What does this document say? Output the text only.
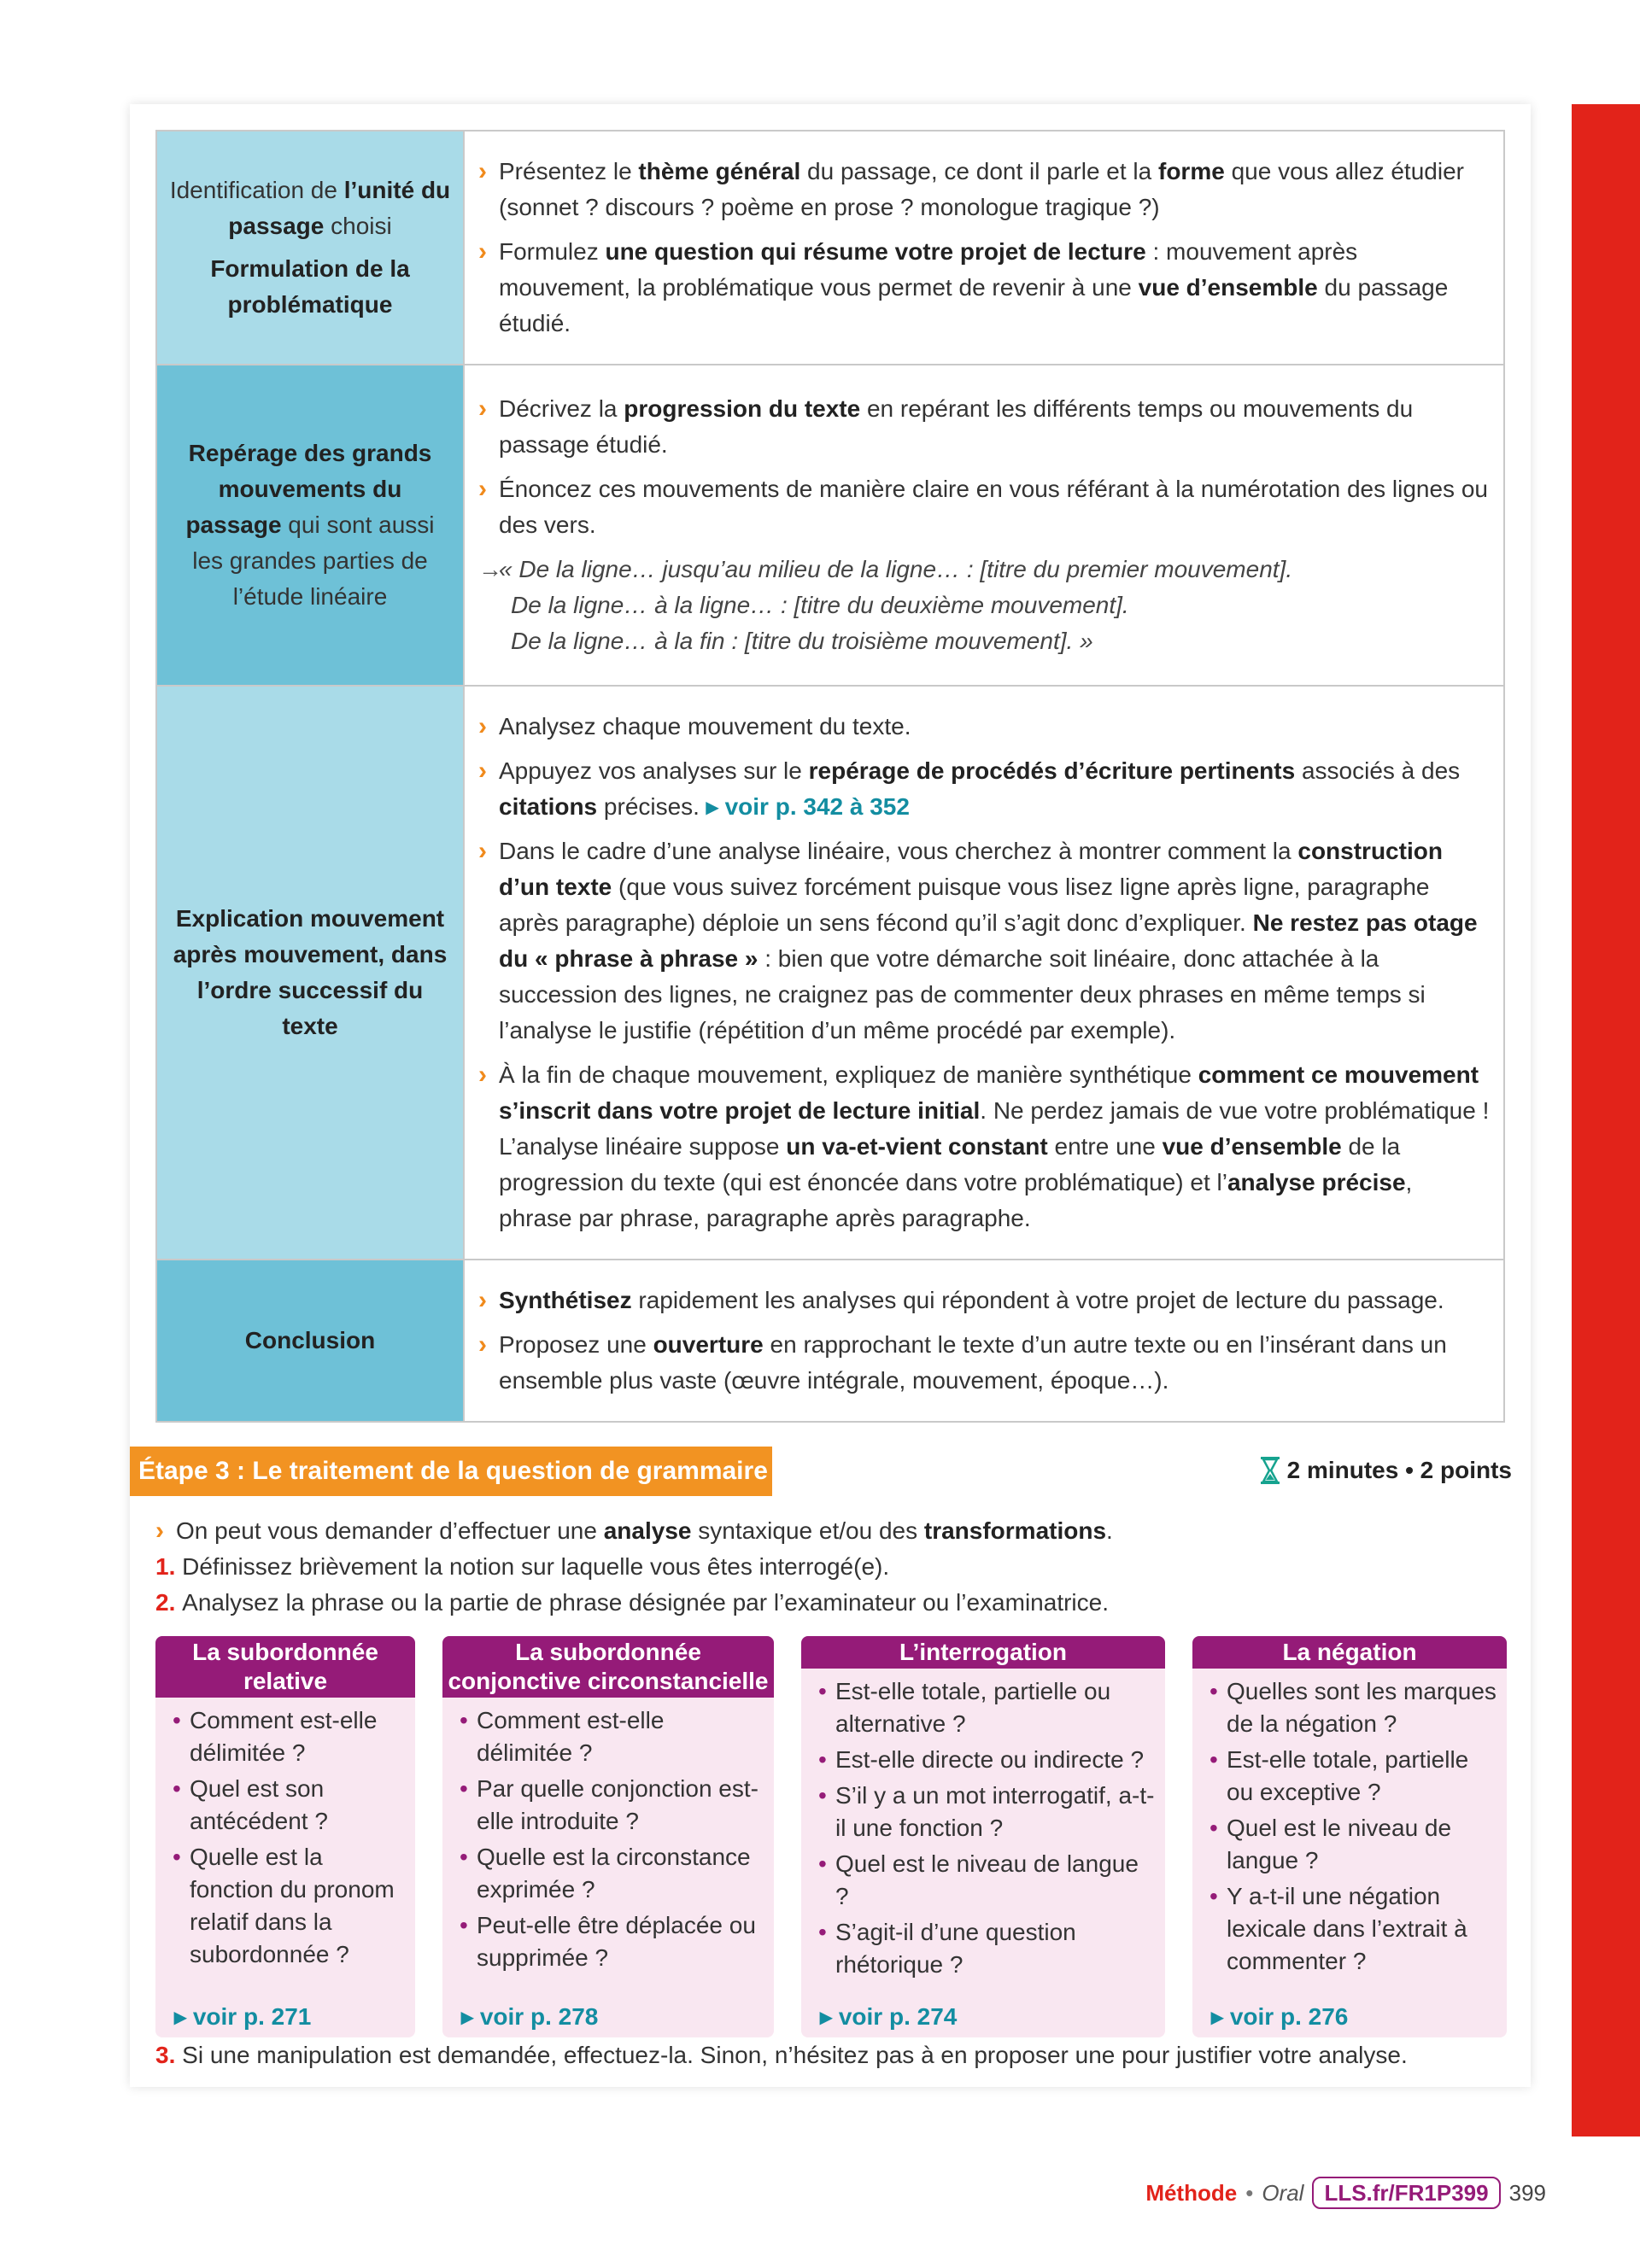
Identification de l’unité du passage choisi
Formulation de la problématique
› Présentez le thème général du passage, ce dont il parle et la forme que vous allez étudier (sonnet ? discours ? poème en prose ? monologue tragique ?)
› Formulez une question qui résume votre projet de lecture : mouvement après mouvement, la problématique vous permet de revenir à une vue d’ensemble du passage étudié.
Repérage des grands mouvements du passage qui sont aussi les grandes parties de l’étude linéaire
› Décrivez la progression du texte en repérant les différents temps ou mouvements du passage étudié.
› Énoncez ces mouvements de manière claire en vous référant à la numérotation des lignes ou des vers.
→
« De la ligne… jusqu’au milieu de la ligne… : [titre du premier mouvement].
De la ligne… à la ligne… : [titre du deuxième mouvement].
De la ligne… à la fin : [titre du troisième mouvement]. »
Explication mouvement après mouvement, dans l’ordre successif du texte
› Analysez chaque mouvement du texte.
› Appuyez vos analyses sur le repérage de procédés d’écriture pertinents associés à des citations précises. ▸ voir p. 342 à 352
› Dans le cadre d’une analyse linéaire, vous cherchez à montrer comment la construction d’un texte (que vous suivez forcément puisque vous lisez ligne après ligne, paragraphe après paragraphe) déploie un sens fécond qu’il s’agit donc d’expliquer. Ne restez pas otage du « phrase à phrase » : bien que votre démarche soit linéaire, donc attachée à la succession des lignes, ne craignez pas de commenter deux phrases en même temps si l’analyse le justifie (répétition d’un même procédé par exemple).
› À la fin de chaque mouvement, expliquez de manière synthétique comment ce mouvement s’inscrit dans votre projet de lecture initial. Ne perdez jamais de vue votre problématique ! L’analyse linéaire suppose un va-et-vient constant entre une vue d’ensemble de la progression du texte (qui est énoncée dans votre problématique) et l’analyse précise, phrase par phrase, paragraphe après paragraphe.
Conclusion
› Synthétisez rapidement les analyses qui répondent à votre projet de lecture du passage.
› Proposez une ouverture en rapprochant le texte d’un autre texte ou en l’insérant dans un ensemble plus vaste (œuvre intégrale, mouvement, époque…).
Étape 3 : Le traitement de la question de grammaire	2 minutes • 2 points
› On peut vous demander d’effectuer une analyse syntaxique et/ou des transformations.
1. Définissez brièvement la notion sur laquelle vous êtes interrogé(e).
2. Analysez la phrase ou la partie de phrase désignée par l’examinateur ou l’examinatrice.
La subordonnée relative
• Comment est-elle délimitée ?
• Quel est son antécédent ?
• Quelle est la fonction du pronom relatif dans la subordonnée ?
▸ voir p. 271
La subordonnée conjonctive circonstancielle
• Comment est-elle délimitée ?
• Par quelle conjonction est-elle introduite ?
• Quelle est la circonstance exprimée ?
• Peut-elle être déplacée ou supprimée ?
▸ voir p. 278
L’interrogation
• Est-elle totale, partielle ou alternative ?
• Est-elle directe ou indirecte ?
• S’il y a un mot interrogatif, a-t-il une fonction ?
• Quel est le niveau de langue ?
• S’agit-il d’une question rhétorique ?
▸ voir p. 274
La négation
• Quelles sont les marques de la négation ?
• Est-elle totale, partielle ou exceptive ?
• Quel est le niveau de langue ?
• Y a-t-il une négation lexicale dans l’extrait à commenter ?
▸ voir p. 276
3. Si une manipulation est demandée, effectuez-la. Sinon, n’hésitez pas à en proposer une pour justifier votre analyse.
Méthode • Oral LLS.fr/FR1P399 399
